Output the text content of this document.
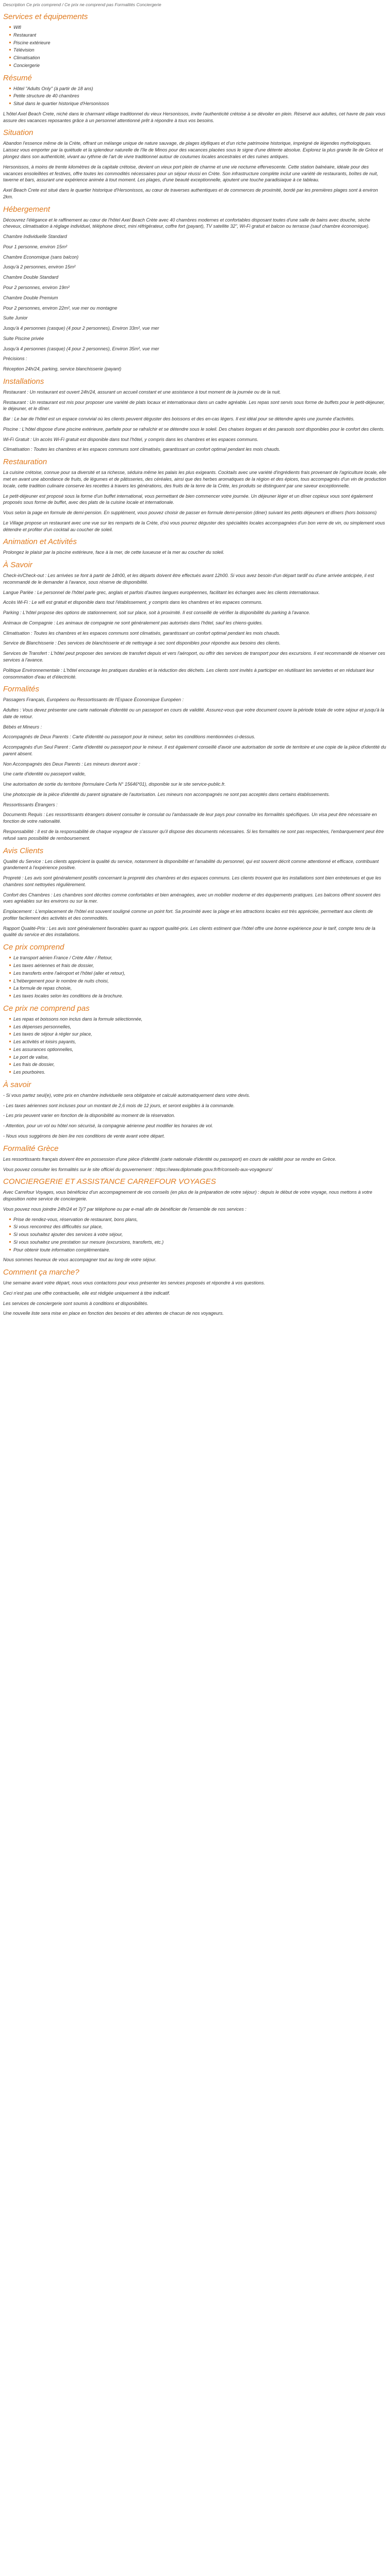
Description Ce prix comprend / Ce prix ne comprend pas Formalités Conciergerie

Services et équipements
Wifi
Restaurant
Piscine extérieure
Télévision
Climatisation
Conciergerie
Résumé
Hôtel "Adults Only" (à partir de 18 ans)
Petite structure de 40 chambres
Situé dans le quartier historique d'Hersonissos

L'hôtel Axel Beach Crete, niché dans le charmant village traditionnel du vieux Hersonissos, invite l'authenticité crétoise à se dévoiler en plein. Réservé aux adultes, cet havre de paix vous assure des vacances reposantes grâce à un personnel attentionné prêt à répondre à tous vos besoins.

Situation

Abandon l'essence même de la Crète, offrant un mélange unique de nature sauvage, de plages idylliques et d'un riche patrimoine historique, imprégné de légendes mythologiques. Laissez vous emporter par la quiétude et la splendeur naturelle de l'île de Minos pour des vacances placées sous le signe d'une détente absolue. Explorez la plus grande île de Grèce et plongez dans son authenticité, vivant au rythme de l'art de vivre traditionnel autour de coutumes locales ancestrales et des ruines antiques.

Hersonissos, à moins de trente kilomètres de la capitale crétoise, devient un vieux port plein de charme et une vie nocturne effervescente. Cette station balnéaire, idéale pour des vacances ensoleillées et festives, offre toutes les commodités nécessaires pour un séjour réussi en Crète. Son infrastructure complète inclut une variété de restaurants, boîtes de nuit, taverne et bars, assurant une expérience animée à tout moment. Les plages, d'une beauté exceptionnelle, ajoutent une touche paradisiaque à ce tableau.

Axel Beach Crete est situé dans le quartier historique d'Hersonissos, au cœur de traverses authentiques et de commerces de proximité, bordé par les premières plages sont à environ 2km.

Hébergement

Découvrez l'élégance et le raffinement au cœur de l'hôtel Axel Beach Crète avec 40 chambres modernes et confortables disposant toutes d'une salle de bains avec douche, sèche cheveux, climatisation à réglage individuel, téléphone direct, mini réfrigérateur, coffre fort (payant), TV satellite 32", Wi-Fi gratuit et balcon ou terrasse (sauf chambre économique).

Chambre Individuelle Standard

Pour 1 personne, environ 15m²

Chambre Economique (sans balcon)

Jusqu'à 2 personnes, environ 15m²

Chambre Double Standard

Pour 2 personnes, environ 19m²

Chambre Double Premium

Pour 2 personnes, environ 22m², vue mer ou montagne

Suite Junior

Jusqu'à 4 personnes (casque) (4 pour 2 personnes), Environ 33m², vue mer

Suite Piscine privée

Jusqu'à 4 personnes (casque) (4 pour 2 personnes), Environ 35m², vue mer

Précisions :

Réception 24h/24, parking, service blanchisserie (payant)

Installations

Restaurant : Un restaurant est ouvert 24h/24, assurant un accueil constant et une assistance à tout moment de la journée ou de la nuit.

Restaurant : Un restaurant est mis pour proposer une variété de plats locaux et internationaux dans un cadre agréable. Les repas sont servis sous forme de buffets pour le petit-déjeuner, le déjeuner, et le dîner.

Bar : Le bar de l'hôtel est un espace convivial où les clients peuvent déguster des boissons et des en-cas légers. Il est idéal pour se détendre après une journée d'activités.

Piscine : L'hôtel dispose d'une piscine extérieure, parfaite pour se rafraîchir et se détendre sous le soleil. Des chaises longues et des parasols sont disponibles pour le confort des clients.

Wi-Fi Gratuit : Un accès Wi-Fi gratuit est disponible dans tout l'hôtel, y compris dans les chambres et les espaces communs.

Climatisation : Toutes les chambres et les espaces communs sont climatisés, garantissant un confort optimal pendant les mois chauds.

Restauration

La cuisine crétoise, connue pour sa diversité et sa richesse, séduira même les palais les plus exigeants. Cocktails avec une variété d'ingrédients frais provenant de l'agriculture locale, elle met en avant une abondance de fruits, de légumes et de pâtisseries, des céréales, ainsi que des herbes aromatiques de la région et des épices, tous accompagnés d'un vin de production locale, cette tradition culinaire conserve les recettes à travers les générations, des fruits de la terre de la Crète, les produits se distinguent par une saveur exceptionnelle.

Le petit-déjeuner est proposé sous la forme d'un buffet international, vous permettant de bien commencer votre journée. Un déjeuner léger et un dîner copieux vous sont également proposés sous forme de buffet, avec des plats de la cuisine locale et internationale.

Vous selon la page en formule de demi-pension. En supplément, vous pouvez choisir de passer en formule demi-pension (diner) suivant les petits déjeuners et dîners (hors boissons)

Le Village propose un restaurant avec une vue sur les remparts de la Crète, d'où vous pourrez déguster des spécialités locales accompagnées d'un bon verre de vin, ou simplement vous détendre et profiter d'un cocktail au coucher de soleil.

Animation et Activités

Prolongez le plaisir par la piscine extérieure, face à la mer, de cette luxueuse et la mer au coucher du soleil.

À Savoir

Check-in/Check-out : Les arrivées se font à partir de 14h00, et les départs doivent être effectués avant 12h00. Si vous avez besoin d'un départ tardif ou d'une arrivée anticipée, il est recommandé de le demander à l'avance, sous réserve de disponibilité.

Langue Parlée : Le personnel de l'hôtel parle grec, anglais et parfois d'autres langues européennes, facilitant les échanges avec les clients internationaux.

Accès Wi-Fi : Le wifi est gratuit et disponible dans tout l'établissement, y compris dans les chambres et les espaces communs.

Parking : L'hôtel propose des options de stationnement, soit sur place, soit à proximité. Il est conseillé de vérifier la disponibilité du parking à l'avance.

Animaux de Compagnie : Les animaux de compagnie ne sont généralement pas autorisés dans l'hôtel, sauf les chiens-guides.

Climatisation : Toutes les chambres et les espaces communs sont climatisés, garantissant un confort optimal pendant les mois chauds.

Service de Blanchisserie : Des services de blanchisserie et de nettoyage à sec sont disponibles pour répondre aux besoins des clients.

Services de Transfert : L'hôtel peut proposer des services de transfert depuis et vers l'aéroport, ou offrir des services de transport pour des excursions. Il est recommandé de réserver ces services à l'avance.

Politique Environnementale : L'hôtel encourage les pratiques durables et la réduction des déchets. Les clients sont invités à participer en réutilisant les serviettes et en réduisant leur consommation d'eau et d'électricité.

Formalités

Passagers Français, Européens ou Ressortissants de l'Espace Économique Européen :

Adultes : Vous devez présenter une carte nationale d'identité ou un passeport en cours de validité. Assurez-vous que votre document couvre la période totale de votre séjour et jusqu'à la date de retour.

Bébés et Mineurs :

Accompagnés de Deux Parents : Carte d'identité ou passeport pour le mineur, selon les conditions mentionnées ci-dessus.

Accompagnés d'un Seul Parent : Carte d'identité ou passeport pour le mineur. Il est également conseillé d'avoir une autorisation de sortie de territoire et une copie de la pièce d'identité du parent absent.

Non Accompagnés des Deux Parents : Les mineurs devront avoir :

Une carte d'identité ou passeport valide,

Une autorisation de sortie du territoire (formulaire Cerfa N° 15646*01), disponible sur le site service-public.fr.

Une photocopie de la pièce d'identité du parent signataire de l'autorisation. Les mineurs non accompagnés ne sont pas acceptés dans certains établissements.

Ressortissants Étrangers :

Documents Requis : Les ressortissants étrangers doivent consulter le consulat ou l'ambassade de leur pays pour connaître les formalités spécifiques. Un visa peut être nécessaire en fonction de votre nationalité.

Responsabilité : Il est de la responsabilité de chaque voyageur de s'assurer qu'il dispose des documents nécessaires. Si les formalités ne sont pas respectées, l'embarquement peut être refusé sans possibilité de remboursement.

Avis Clients

Qualité du Service : Les clients apprécient la qualité du service, notamment la disponibilité et l'amabilité du personnel, qui est souvent décrit comme attentionné et efficace, contribuant grandement à l'expérience positive.

Propreté : Les avis sont généralement positifs concernant la propreté des chambres et des espaces communs. Les clients trouvent que les installations sont bien entretenues et que les chambres sont nettoyées régulièrement.

Confort des Chambres : Les chambres sont décrites comme confortables et bien aménagées, avec un mobilier moderne et des équipements pratiques. Les balcons offrent souvent des vues agréables sur les environs ou sur la mer.

Emplacement : L'emplacement de l'hôtel est souvent souligné comme un point fort. Sa proximité avec la plage et les attractions locales est très appréciée, permettant aux clients de profiter facilement des activités et des commodités.

Rapport Qualité-Prix : Les avis sont généralement favorables quant au rapport qualité-prix. Les clients estiment que l'hôtel offre une bonne expérience pour le tarif, compte tenu de la qualité du service et des installations.

Ce prix comprend
Le transport aérien France / Crète Aller / Retour,
Les taxes aériennes et frais de dossier,
Les transferts entre l'aéroport et l'hôtel (aller et retour),
L'hébergement pour le nombre de nuits choisi,
La formule de repas choisie,
Les taxes locales selon les conditions de la brochure.
Ce prix ne comprend pas
Les repas et boissons non inclus dans la formule sélectionnée,
Les dépenses personnelles,
Les taxes de séjour à régler sur place,
Les activités et loisirs payants,
Les assurances optionnelles,
Le port de valise,
Les frais de dossier,
Les pourboires.
À savoir

- Si vous partez seul(e), votre prix en chambre individuelle sera obligatoire et calculé automatiquement dans votre devis.

- Les taxes aériennes sont incluses pour un montant de 2,6 mois de 12 jours, et seront exigibles à la commande.

- Les prix peuvent varier en fonction de la disponibilité au moment de la réservation.

- Attention, pour un vol ou hôtel non sécurisé, la compagnie aérienne peut modifier les horaires de vol.

- Nous vous suggérons de bien lire nos conditions de vente avant votre départ.

Formalité Grèce

Les ressortissants français doivent être en possession d'une pièce d'identité (carte nationale d'identité ou passeport) en cours de validité pour se rendre en Grèce.

Vous pouvez consulter les formalités sur le site officiel du gouvernement : https://www.diplomatie.gouv.fr/fr/conseils-aux-voyageurs/

CONCIERGERIE ET ASSISTANCE CARREFOUR VOYAGES

Avec Carrefour Voyages, vous bénéficiez d'un accompagnement de vos conseils (en plus de la préparation de votre séjour) : depuis le début de votre voyage, nous mettons à votre disposition notre service de conciergerie.

Vous pouvez nous joindre 24h/24 et 7j/7 par téléphone ou par e-mail afin de bénéficier de l'ensemble de nos services :

Prise de rendez-vous, réservation de restaurant, bons plans,
Si vous rencontrez des difficultés sur place,
Si vous souhaitez ajouter des services à votre séjour,
Si vous souhaitez une prestation sur mesure (excursions, transferts, etc.)
Pour obtenir toute information complémentaire.

Nous sommes heureux de vous accompagner tout au long de votre séjour.

Comment ça marche?

Une semaine avant votre départ, nous vous contactons pour vous présenter les services proposés et répondre à vos questions.

Ceci n'est pas une offre contractuelle, elle est rédigée uniquement à titre indicatif.

Les services de conciergerie sont soumis à conditions et disponibilités.

Une nouvelle liste sera mise en place en fonction des besoins et des attentes de chacun de nos voyageurs.
